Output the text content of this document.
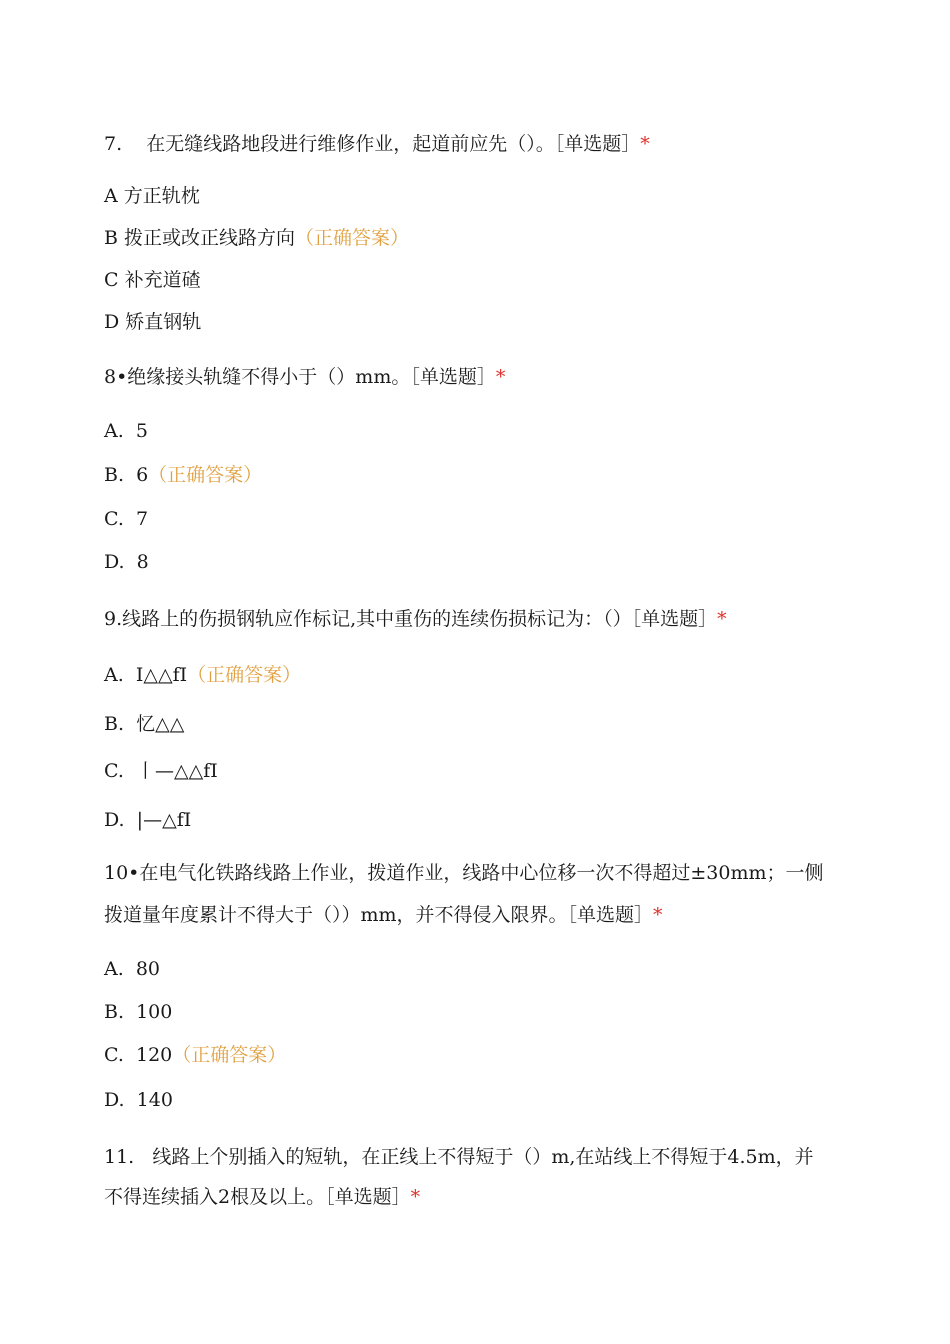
7.    在无缝线路地段进行维修作业，起道前应先（）。［单选题］*
A 方正轨枕
B 拨正或改正线路方向（正确答案）
C 补充道碴
D 矫直钢轨
8•绝缘接头轨缝不得小于（）mm。［单选题］*
A.  5
B.  6（正确答案）
C.  7
D.  8
9.线路上的伤损钢轨应作标记,其中重伤的连续伤损标记为：（）［单选题］*
A.  I△△fI（正确答案）
B.  忆△△
C.  丨—△△fI
D.  |—△fI
10•在电气化铁路线路上作业，拨道作业，线路中心位移一次不得超过±30mm；一侧
拨道量年度累计不得大于（））mm，并不得侵入限界。［单选题］*
A.  80
B.  100
C.  120（正确答案）
D.  140
11.   线路上个别插入的短轨，在正线上不得短于（）m,在站线上不得短于4.5m，并
不得连续插入2根及以上。［单选题］*
